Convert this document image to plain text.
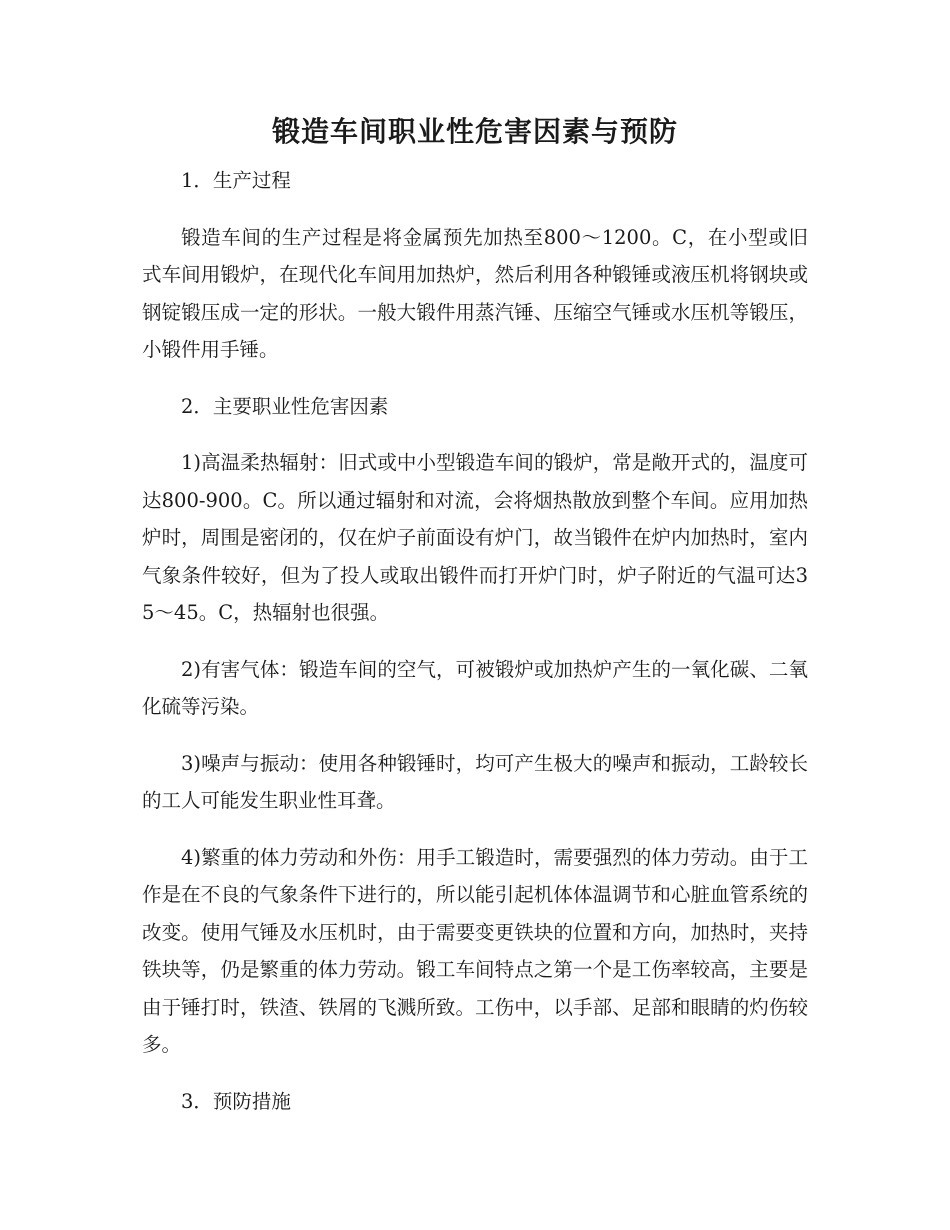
锻造车间职业性危害因素与预防

1．生产过程

锻造车间的生产过程是将金属预先加热至800～1200。C，在小型或旧式车间用锻炉，在现代化车间用加热炉，然后利用各种锻锤或液压机将钢块或钢锭锻压成一定的形状。一般大锻件用蒸汽锤、压缩空气锤或水压机等锻压，小锻件用手锤。

2．主要职业性危害因素

1)高温柔热辐射：旧式或中小型锻造车间的锻炉，常是敞开式的，温度可达800-900。C。所以通过辐射和对流，会将烟热散放到整个车间。应用加热炉时，周围是密闭的，仅在炉子前面设有炉门，故当锻件在炉内加热时，室内气象条件较好，但为了投人或取出锻件而打开炉门时，炉子附近的气温可达35～45。C，热辐射也很强。

2)有害气体：锻造车间的空气，可被锻炉或加热炉产生的一氧化碳、二氧化硫等污染。

3)噪声与振动：使用各种锻锤时，均可产生极大的噪声和振动，工龄较长的工人可能发生职业性耳聋。

4)繁重的体力劳动和外伤：用手工锻造时，需要强烈的体力劳动。由于工作是在不良的气象条件下进行的，所以能引起机体体温调节和心脏血管系统的改变。使用气锤及水压机时，由于需要变更铁块的位置和方向，加热时，夹持铁块等，仍是繁重的体力劳动。锻工车间特点之第一个是工伤率较高，主要是由于锤打时，铁渣、铁屑的飞溅所致。工伤中，以手部、足部和眼睛的灼伤较多。

3．预防措施
